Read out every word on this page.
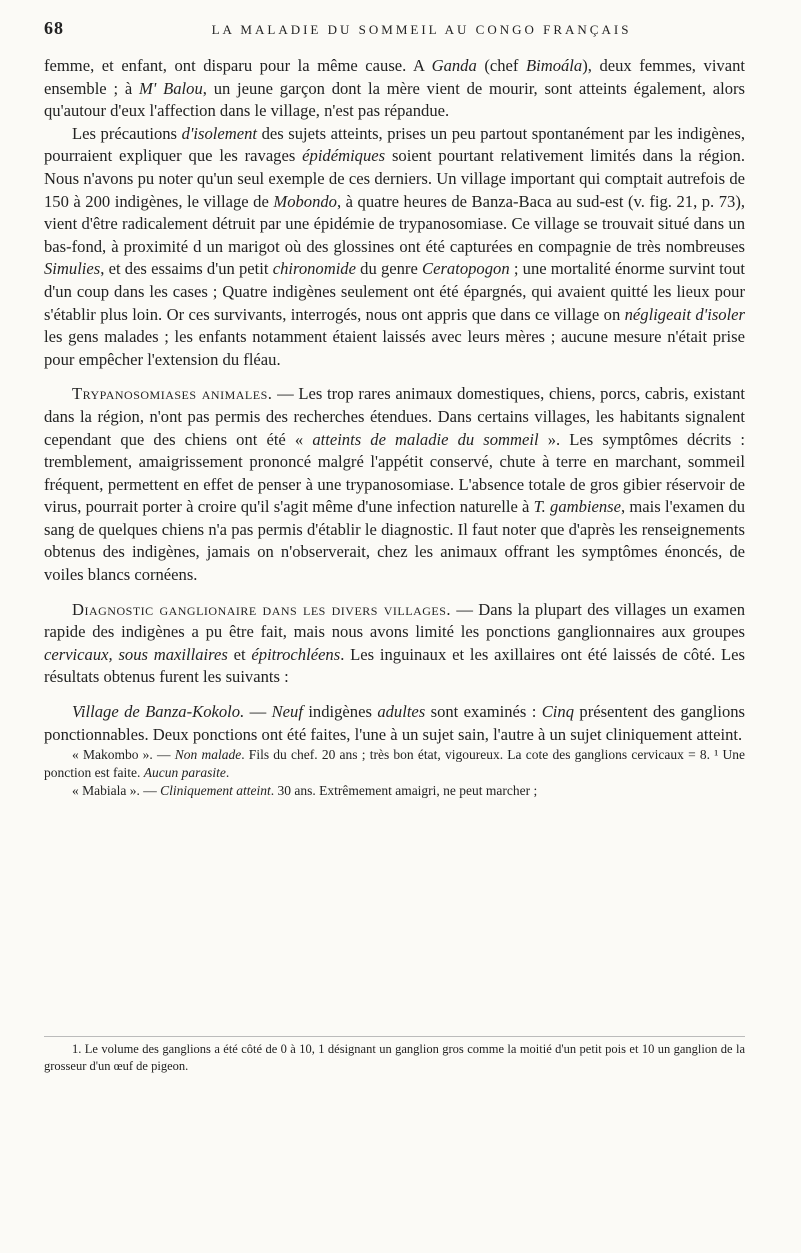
68	LA MALADIE DU SOMMEIL AU CONGO FRANÇAIS

femme, et enfant, ont disparu pour la même cause. A Ganda (chef Bimoála), deux femmes, vivant ensemble ; à M' Balou, un jeune garçon dont la mère vient de mourir, sont atteints également, alors qu'autour d'eux l'affection dans le village, n'est pas répandue.

Les précautions d'isolement des sujets atteints, prises un peu partout spontanément par les indigènes, pourraient expliquer que les ravages épidémiques soient pourtant relativement limités dans la région. Nous n'avons pu noter qu'un seul exemple de ces derniers. Un village important qui comptait autrefois de 150 à 200 indigènes, le village de Mobondo, à quatre heures de Banza-Baca au sud-est (v. fig. 21, p. 73), vient d'être radicalement détruit par une épidémie de trypanosomiase. Ce village se trouvait situé dans un bas-fond, à proximité d un marigot où des glossines ont été capturées en compagnie de très nombreuses Simulies, et des essaims d'un petit chironomide du genre Ceratopogon ; une mortalité énorme survint tout d'un coup dans les cases ; Quatre indigènes seulement ont été épargnés, qui avaient quitté les lieux pour s'établir plus loin. Or ces survivants, interrogés, nous ont appris que dans ce village on négligeait d'isoler les gens malades ; les enfants notamment étaient laissés avec leurs mères ; aucune mesure n'était prise pour empêcher l'extension du fléau.

Trypanosomiases animales. — Les trop rares animaux domestiques, chiens, porcs, cabris, existant dans la région, n'ont pas permis des recherches étendues. Dans certains villages, les habitants signalent cependant que des chiens ont été « atteints de maladie du sommeil ». Les symptômes décrits : tremblement, amaigrissement prononcé malgré l'appétit conservé, chute à terre en marchant, sommeil fréquent, permettent en effet de penser à une trypanosomiase. L'absence totale de gros gibier réservoir de virus, pourrait porter à croire qu'il s'agit même d'une infection naturelle à T. gambiense, mais l'examen du sang de quelques chiens n'a pas permis d'établir le diagnostic. Il faut noter que d'après les renseignements obtenus des indigènes, jamais on n'observerait, chez les animaux offrant les symptômes énoncés, de voiles blancs cornéens.

Diagnostic ganglionaire dans les divers villages. — Dans la plupart des villages un examen rapide des indigènes a pu être fait, mais nous avons limité les ponctions ganglionnaires aux groupes cervicaux, sous maxillaires et épitrochléens. Les inguinaux et les axillaires ont été laissés de côté. Les résultats obtenus furent les suivants :

Village de Banza-Kokolo. — Neuf indigènes adultes sont examinés : Cinq présentent des ganglions ponctionnables. Deux ponctions ont été faites, l'une à un sujet sain, l'autre à un sujet cliniquement atteint.

« Makombo ». — Non malade. Fils du chef. 20 ans ; très bon état, vigoureux. La cote des ganglions cervicaux = 8. ¹ Une ponction est faite. Aucun parasite.

« Mabiala ». — Cliniquement atteint. 30 ans. Extrêmement amaigri, ne peut marcher ;

1. Le volume des ganglions a été côté de 0 à 10, 1 désignant un ganglion gros comme la moitié d'un petit pois et 10 un ganglion de la grosseur d'un œuf de pigeon.
